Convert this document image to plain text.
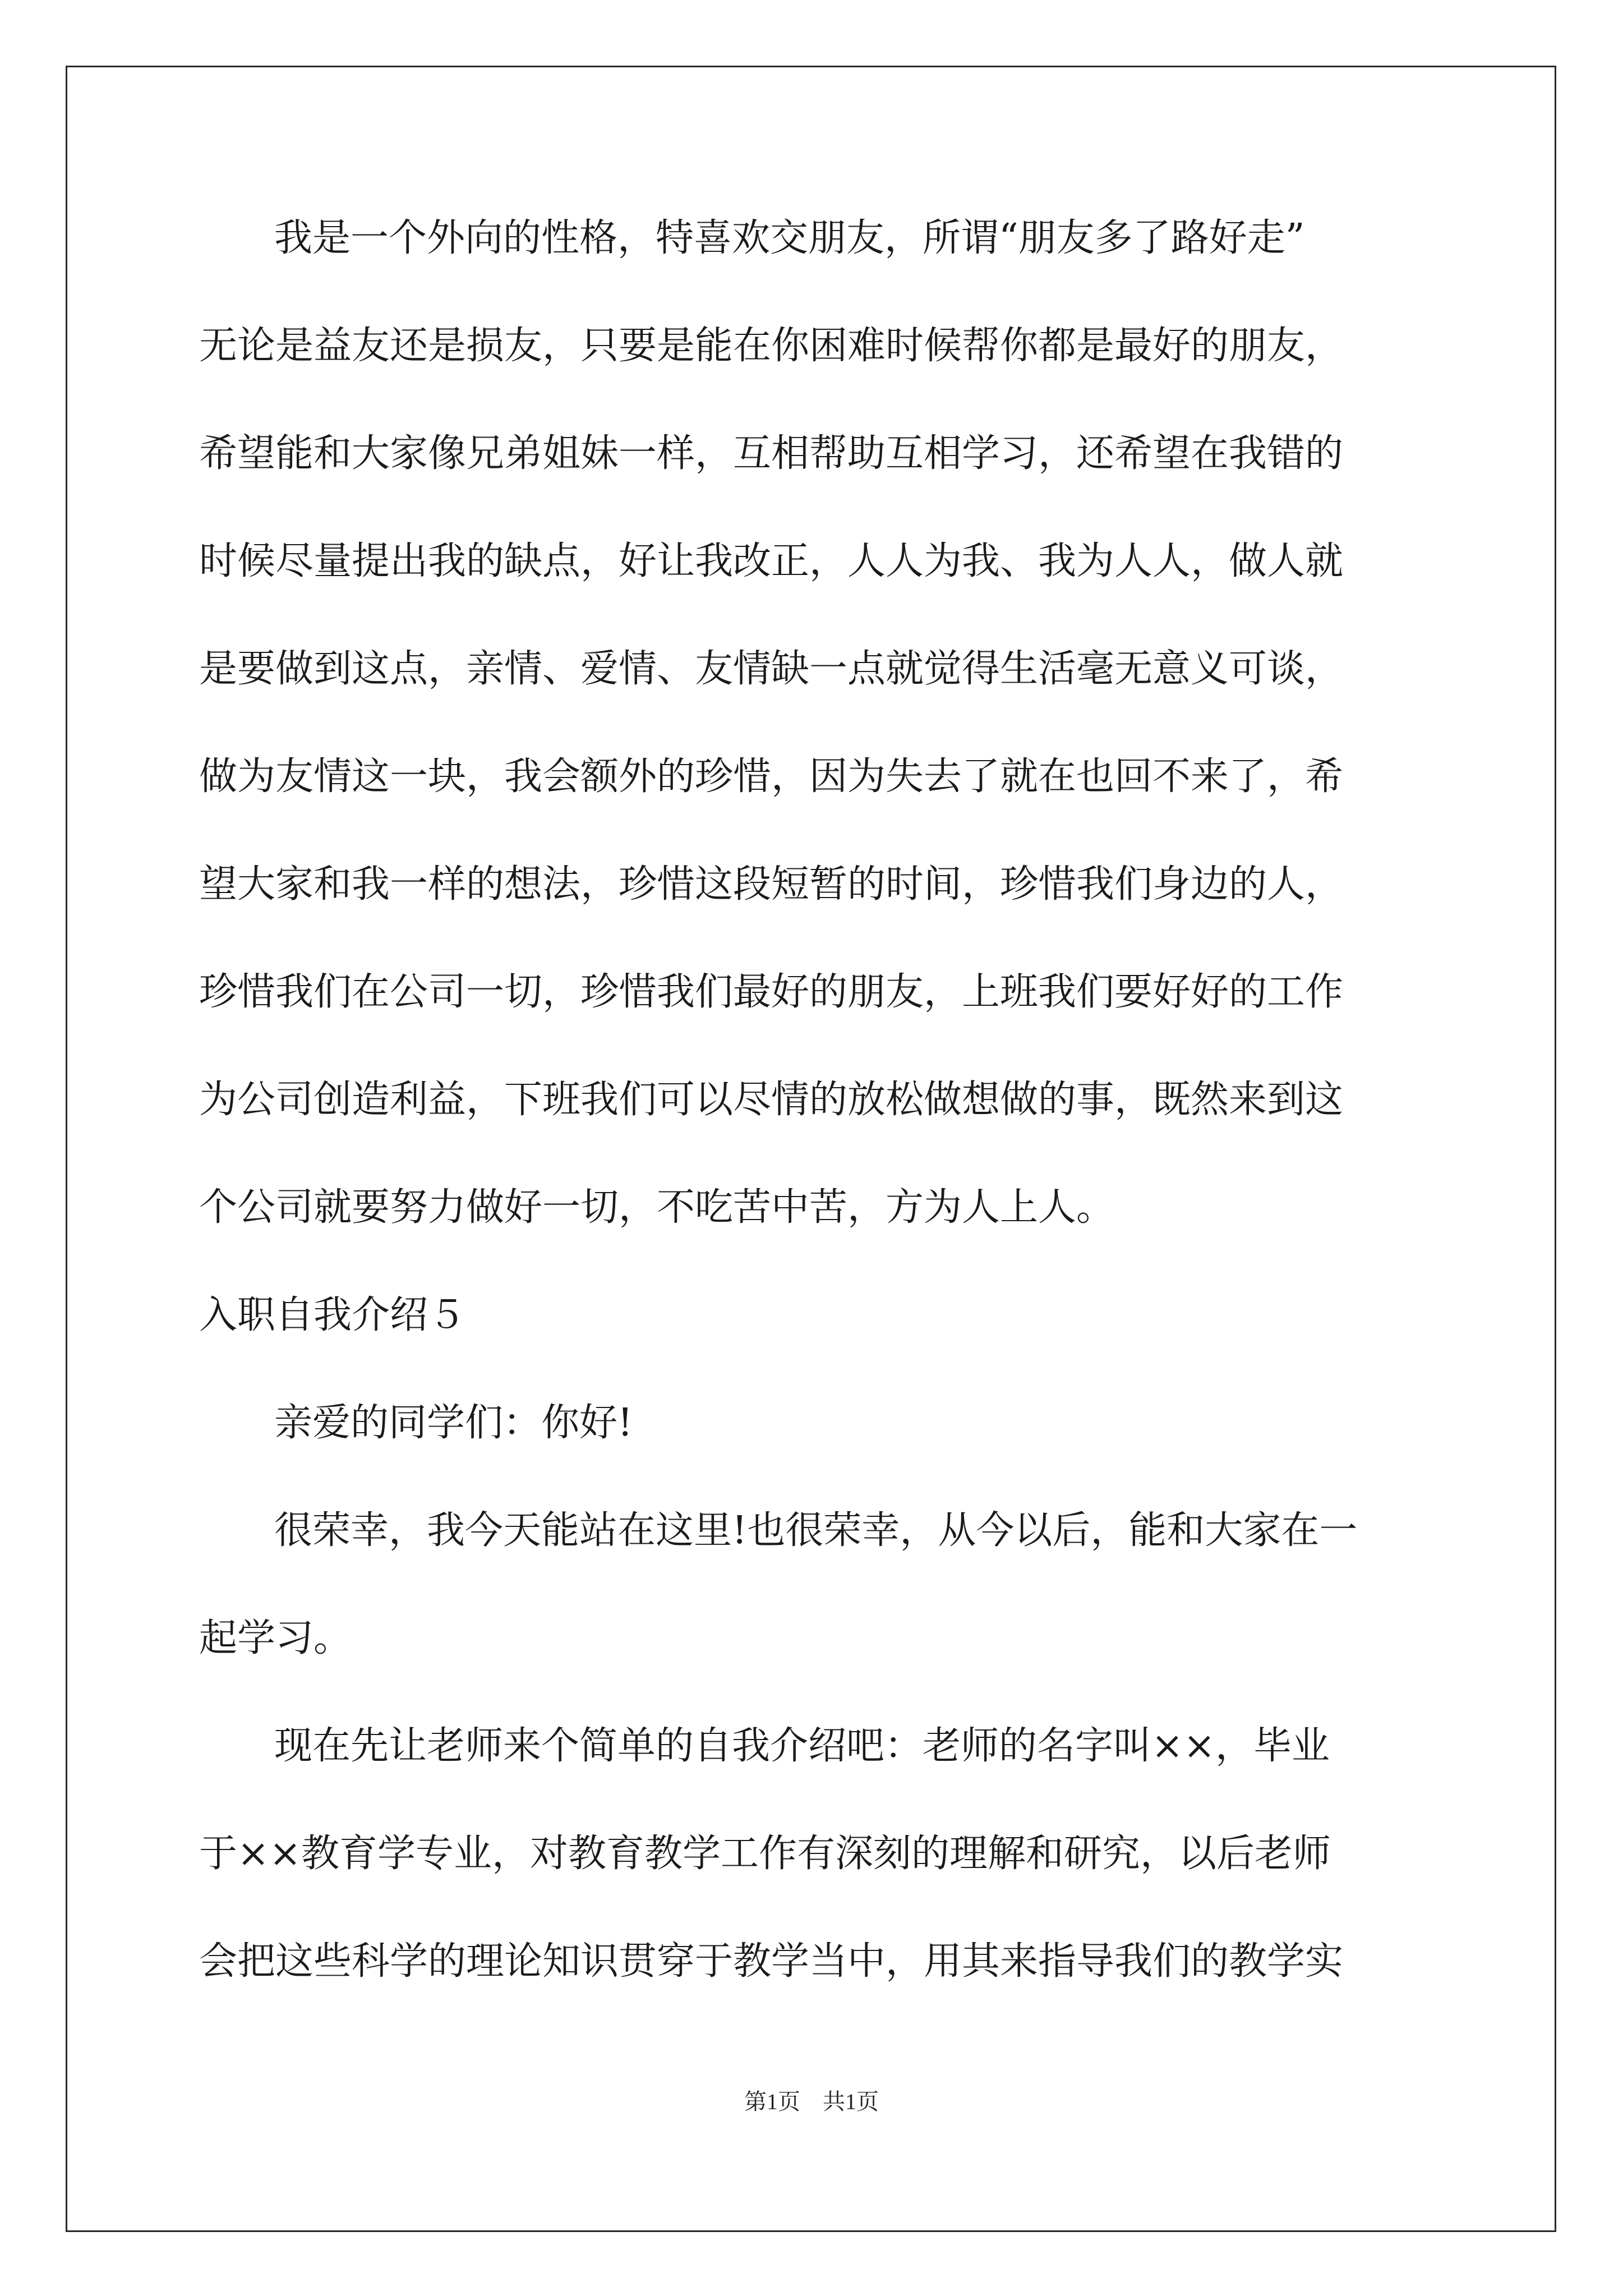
我是一个外向的性格，特喜欢交朋友，所谓“朋友多了路好走”
无论是益友还是损友，只要是能在你困难时候帮你都是最好的朋友，
希望能和大家像兄弟姐妹一样，互相帮助互相学习，还希望在我错的
时候尽量提出我的缺点，好让我改正，人人为我、我为人人，做人就
是要做到这点，亲情、爱情、友情缺一点就觉得生活毫无意义可谈，
做为友情这一块，我会额外的珍惜，因为失去了就在也回不来了，希
望大家和我一样的想法，珍惜这段短暂的时间，珍惜我们身边的人，
珍惜我们在公司一切，珍惜我们最好的朋友，上班我们要好好的工作
为公司创造利益，下班我们可以尽情的放松做想做的事，既然来到这
个公司就要努力做好一切，不吃苦中苦，方为人上人。
入职自我介绍５
亲爱的同学们：你好!
很荣幸，我今天能站在这里!也很荣幸，从今以后，能和大家在一
起学习。
现在先让老师来个简单的自我介绍吧：老师的名字叫××，毕业
于××教育学专业，对教育教学工作有深刻的理解和研究，以后老师
会把这些科学的理论知识贯穿于教学当中，用其来指导我们的教学实
第1页　共1页
